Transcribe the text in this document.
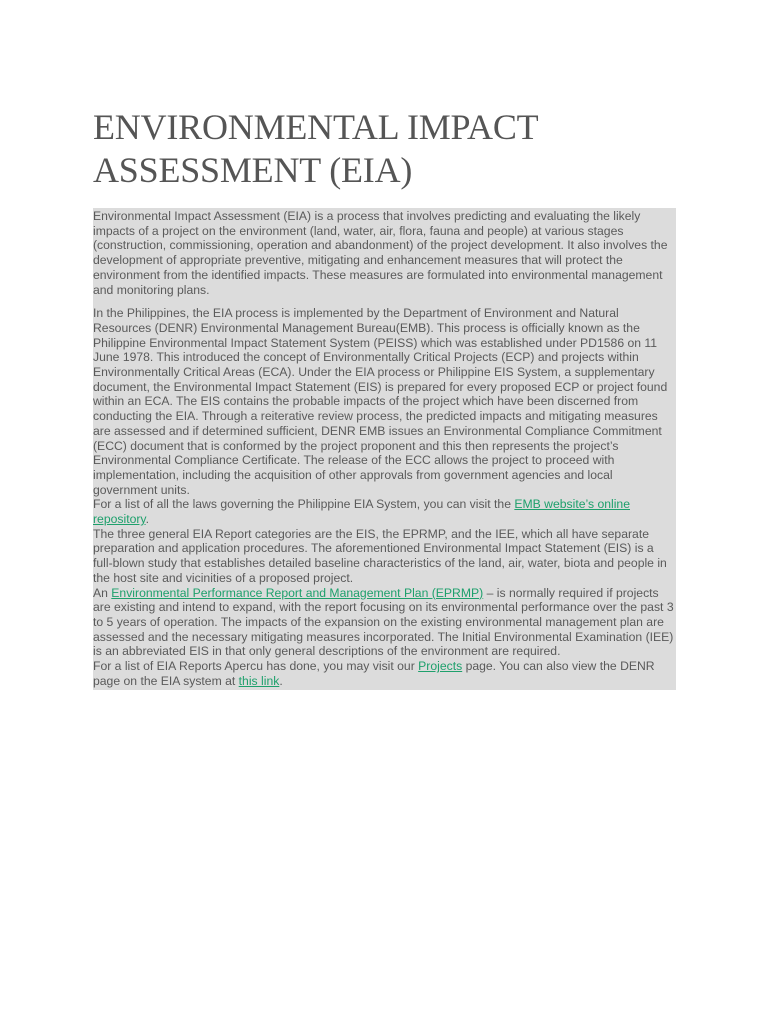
ENVIRONMENTAL IMPACT
ASSESSMENT (EIA)

Environmental Impact Assessment (EIA) is a process that involves predicting and evaluating the likely impacts of a project on the environment (land, water, air, flora, fauna and people) at various stages (construction, commissioning, operation and abandonment) of the project development. It also involves the development of appropriate preventive, mitigating and enhancement measures that will protect the environment from the identified impacts. These measures are formulated into environmental management and monitoring plans.

In the Philippines, the EIA process is implemented by the Department of Environment and Natural Resources (DENR) Environmental Management Bureau(EMB). This process is officially known as the Philippine Environmental Impact Statement System (PEISS) which was established under PD1586 on 11 June 1978. This introduced the concept of Environmentally Critical Projects (ECP) and projects within Environmentally Critical Areas (ECA). Under the EIA process or Philippine EIS System, a supplementary document, the Environmental Impact Statement (EIS) is prepared for every proposed ECP or project found within an ECA. The EIS contains the probable impacts of the project which have been discerned from conducting the EIA. Through a reiterative review process, the predicted impacts and mitigating measures are assessed and if determined sufficient, DENR EMB issues an Environmental Compliance Commitment (ECC) document that is conformed by the project proponent and this then represents the project’s Environmental Compliance Certificate. The release of the ECC allows the project to proceed with implementation, including the acquisition of other approvals from government agencies and local government units.

For a list of all the laws governing the Philippine EIA System, you can visit the EMB website’s online repository.

The three general EIA Report categories are the EIS, the EPRMP, and the IEE, which all have separate preparation and application procedures. The aforementioned Environmental Impact Statement (EIS) is a full-blown study that establishes detailed baseline characteristics of the land, air, water, biota and people in the host site and vicinities of a proposed project.

An Environmental Performance Report and Management Plan (EPRMP) – is normally required if projects are existing and intend to expand, with the report focusing on its environmental performance over the past 3 to 5 years of operation. The impacts of the expansion on the existing environmental management plan are assessed and the necessary mitigating measures incorporated. The Initial Environmental Examination (IEE) is an abbreviated EIS in that only general descriptions of the environment are required.

For a list of EIA Reports Apercu has done, you may visit our Projects page. You can also view the DENR page on the EIA system at this link.
